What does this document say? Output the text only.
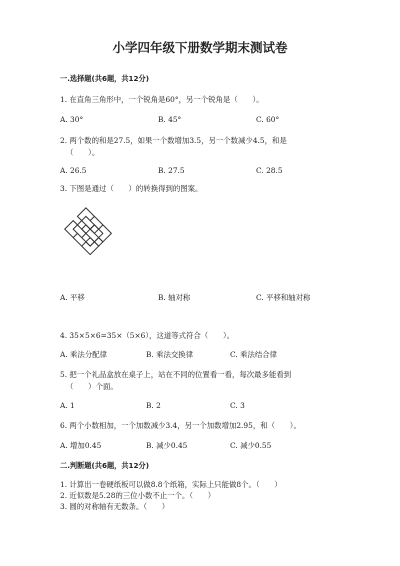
小学四年级下册数学期末测试卷
一.选择题(共6题，共12分)
1. 在直角三角形中，一个锐角是60°，另一个锐角是（　　）。
A. 30°	B. 45°	C. 60°
2. 两个数的和是27.5，如果一个数增加3.5，另一个数减少4.5，和是
（　　）。
A. 26.5	B. 27.5	C. 28.5
3. 下图是通过（　　）的转换得到的图案。
A. 平移	B. 轴对称	C. 平移和轴对称
4. 35×5×6=35×（5×6），这道等式符合（　　）。
A. 乘法分配律	B. 乘法交换律	C. 乘法结合律
5. 把一个礼品盒放在桌子上，站在不同的位置看一看，每次最多能看到
（　　）个面。
A. 1	B. 2	C. 3
6. 两个小数相加，一个加数减少3.4，另一个加数增加2.95，和（　　）。
A. 增加0.45	B. 减少0.45	C. 减少0.55
二.判断题(共6题，共12分)
1. 计算出一卷硬纸板可以做8.8个纸箱，实际上只能做8个。（　　）
2. 近似数是5.28的三位小数不止一个。（　　）
3. 圆的对称轴有无数条。（　　）
